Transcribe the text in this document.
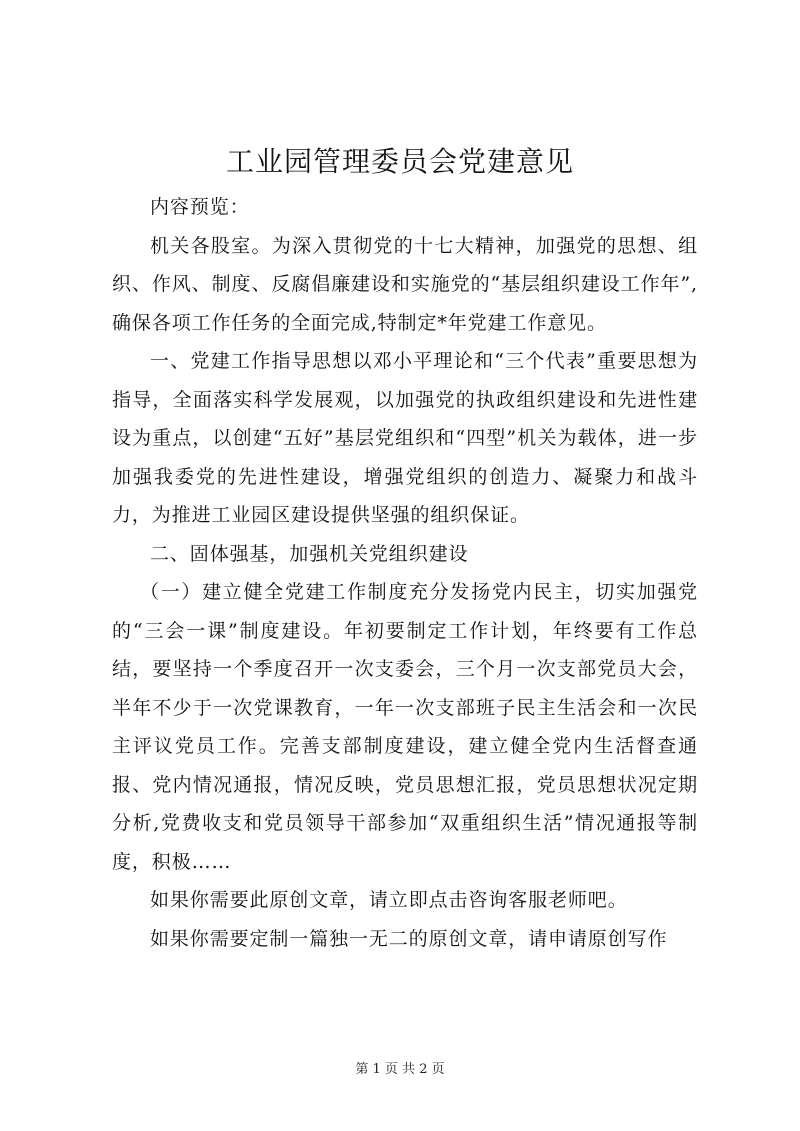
工业园管理委员会党建意见

内容预览：

机关各股室。为深入贯彻党的十七大精神，加强党的思想、组织、作风、制度、反腐倡廉建设和实施党的“基层组织建设工作年”,确保各项工作任务的全面完成,特制定*年党建工作意见。

一、党建工作指导思想以邓小平理论和“三个代表”重要思想为指导，全面落实科学发展观，以加强党的执政组织建设和先进性建设为重点，以创建“五好”基层党组织和“四型”机关为载体，进一步加强我委党的先进性建设，增强党组织的创造力、凝聚力和战斗力，为推进工业园区建设提供坚强的组织保证。

二、固体强基，加强机关党组织建设

（一）建立健全党建工作制度充分发扬党内民主，切实加强党的“三会一课”制度建设。年初要制定工作计划，年终要有工作总结，要坚持一个季度召开一次支委会，三个月一次支部党员大会，半年不少于一次党课教育，一年一次支部班子民主生活会和一次民主评议党员工作。完善支部制度建设，建立健全党内生活督查通报、党内情况通报，情况反映，党员思想汇报，党员思想状况定期分析,党费收支和党员领导干部参加“双重组织生活”情况通报等制度，积极……

如果你需要此原创文章，请立即点击咨询客服老师吧。

如果你需要定制一篇独一无二的原创文章，请申请原创写作

第 1 页 共 2 页
